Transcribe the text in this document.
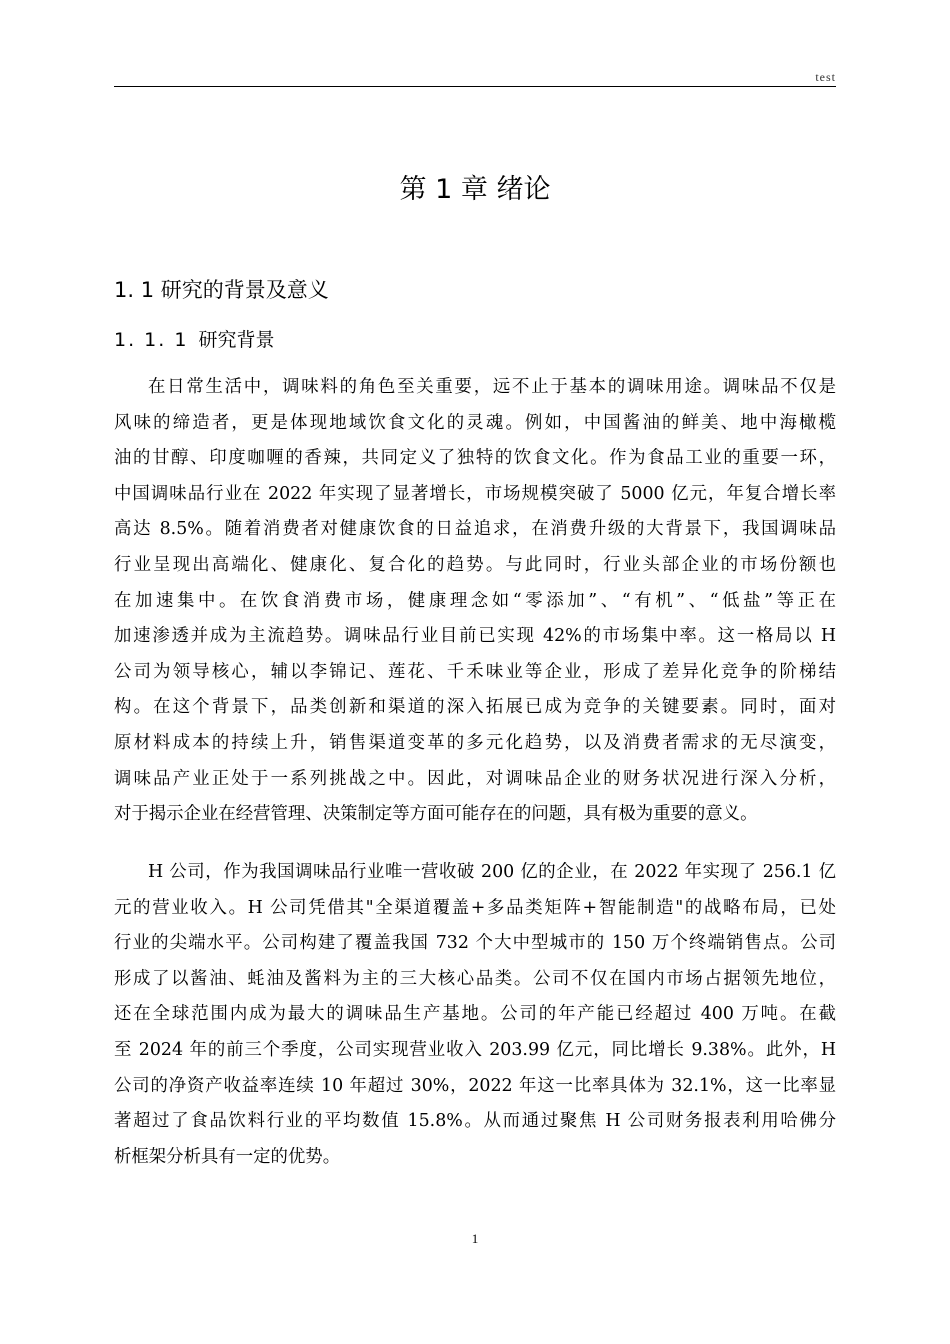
test
第 1 章 绪论
1. 1 研究的背景及意义
1. 1. 1 研究背景
在日常生活中，调味料的角色至关重要，远不止于基本的调味用途。调味品不仅是
风味的缔造者，更是体现地域饮食文化的灵魂。例如，中国酱油的鲜美、地中海橄榄
油的甘醇、印度咖喱的香辣，共同定义了独特的饮食文化。作为食品工业的重要一环，
中国调味品行业在 2022 年实现了显著增长，市场规模突破了 5000 亿元，年复合增长率
高达 8.5%。随着消费者对健康饮食的日益追求，在消费升级的大背景下，我国调味品
行业呈现出高端化、健康化、复合化的趋势。与此同时，行业头部企业的市场份额也
在加速集中。在饮食消费市场，健康理念如“零添加”、“有机”、“低盐”等正在
加速渗透并成为主流趋势。调味品行业目前已实现 42%的市场集中率。这一格局以 H
公司为领导核心，辅以李锦记、莲花、千禾味业等企业，形成了差异化竞争的阶梯结
构。在这个背景下，品类创新和渠道的深入拓展已成为竞争的关键要素。同时，面对
原材料成本的持续上升，销售渠道变革的多元化趋势，以及消费者需求的无尽演变，
调味品产业正处于一系列挑战之中。因此，对调味品企业的财务状况进行深入分析，
对于揭示企业在经营管理、决策制定等方面可能存在的问题，具有极为重要的意义。
H 公司，作为我国调味品行业唯一营收破 200 亿的企业，在 2022 年实现了 256.1 亿
元的营业收入。H 公司凭借其"全渠道覆盖+多品类矩阵+智能制造"的战略布局，已处
行业的尖端水平。公司构建了覆盖我国 732 个大中型城市的 150 万个终端销售点。公司
形成了以酱油、蚝油及酱料为主的三大核心品类。公司不仅在国内市场占据领先地位，
还在全球范围内成为最大的调味品生产基地。公司的年产能已经超过 400 万吨。在截
至 2024 年的前三个季度，公司实现营业收入 203.99 亿元，同比增长 9.38%。此外，H
公司的净资产收益率连续 10 年超过 30%，2022 年这一比率具体为 32.1%，这一比率显
著超过了食品饮料行业的平均数值 15.8%。从而通过聚焦 H 公司财务报表利用哈佛分
析框架分析具有一定的优势。
1
